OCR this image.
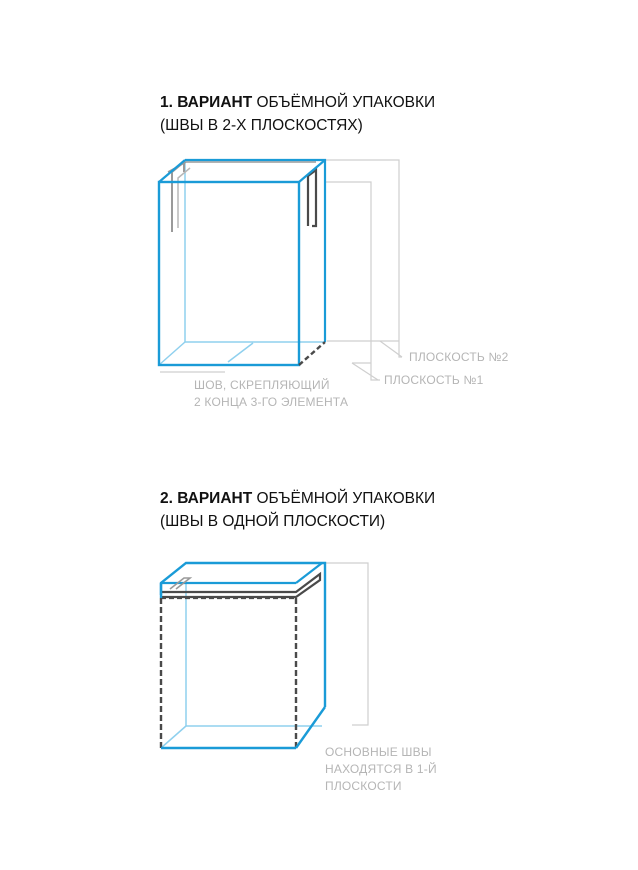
1. ВАРИАНТ ОБЪЁМНОЙ УПАКОВКИ
(ШВЫ В 2-Х ПЛОСКОСТЯХ)
2. ВАРИАНТ ОБЪЁМНОЙ УПАКОВКИ
(ШВЫ В ОДНОЙ ПЛОСКОСТИ)
ПЛОСКОСТЬ №2
ПЛОСКОСТЬ №1
ШОВ, СКРЕПЛЯЮЩИЙ
2 КОНЦА 3-ГО ЭЛЕМЕНТА
ОСНОВНЫЕ ШВЫ
НАХОДЯТСЯ В 1-Й
ПЛОСКОСТИ
